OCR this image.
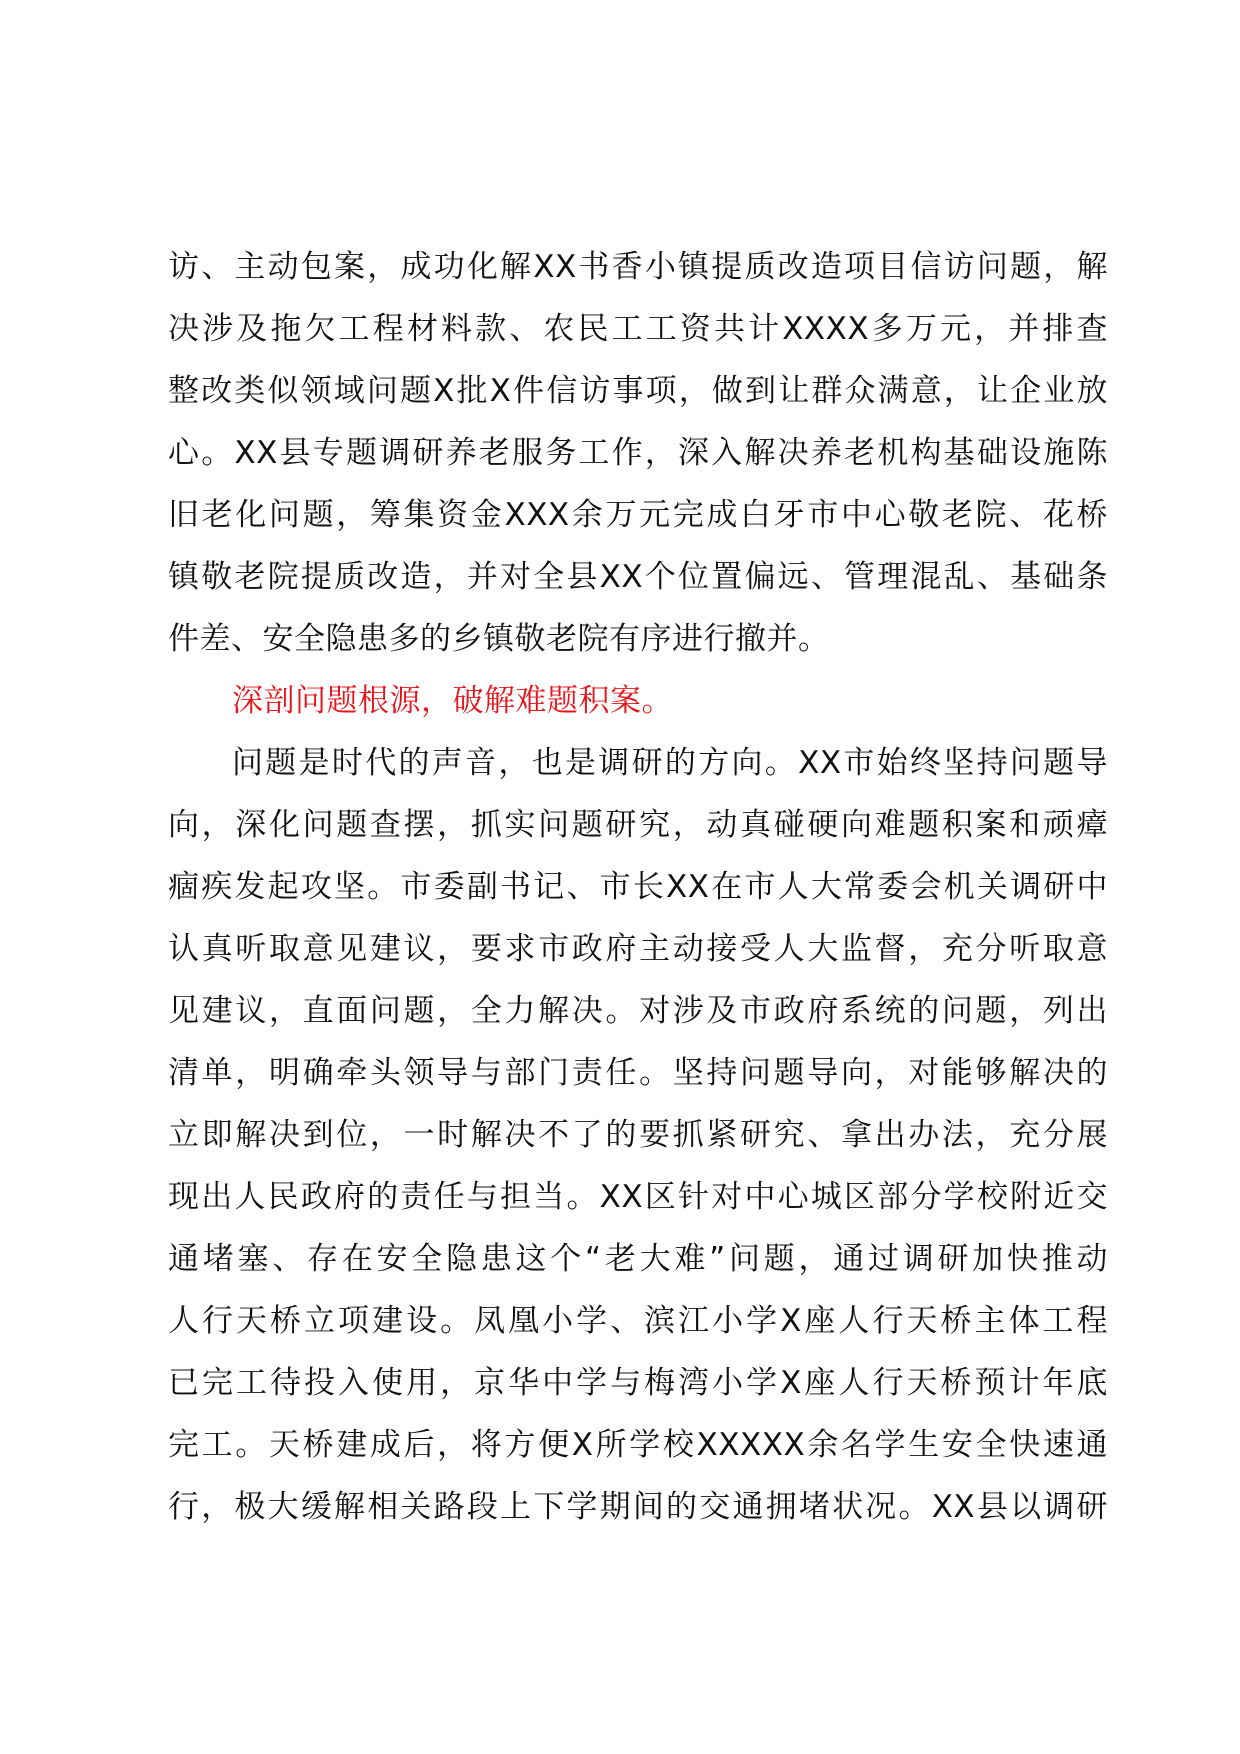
访、主动包案，成功化解XX书香小镇提质改造项目信访问题，解
决涉及拖欠工程材料款、农民工工资共计XXXX多万元，并排查
整改类似领域问题X批X件信访事项，做到让群众满意，让企业放
心。XX县专题调研养老服务工作，深入解决养老机构基础设施陈
旧老化问题，筹集资金XXX余万元完成白牙市中心敬老院、花桥
镇敬老院提质改造，并对全县XX个位置偏远、管理混乱、基础条
件差、安全隐患多的乡镇敬老院有序进行撤并。
深剖问题根源，破解难题积案。
问题是时代的声音，也是调研的方向。XX市始终坚持问题导
向，深化问题查摆，抓实问题研究，动真碰硬向难题积案和顽瘴
痼疾发起攻坚。市委副书记、市长XX在市人大常委会机关调研中
认真听取意见建议，要求市政府主动接受人大监督，充分听取意
见建议，直面问题，全力解决。对涉及市政府系统的问题，列出
清单，明确牵头领导与部门责任。坚持问题导向，对能够解决的
立即解决到位，一时解决不了的要抓紧研究、拿出办法，充分展
现出人民政府的责任与担当。XX区针对中心城区部分学校附近交
通堵塞、存在安全隐患这个“老大难”问题，通过调研加快推动
人行天桥立项建设。凤凰小学、滨江小学X座人行天桥主体工程
已完工待投入使用，京华中学与梅湾小学X座人行天桥预计年底
完工。天桥建成后，将方便X所学校XXXXX余名学生安全快速通
行，极大缓解相关路段上下学期间的交通拥堵状况。XX县以调研
